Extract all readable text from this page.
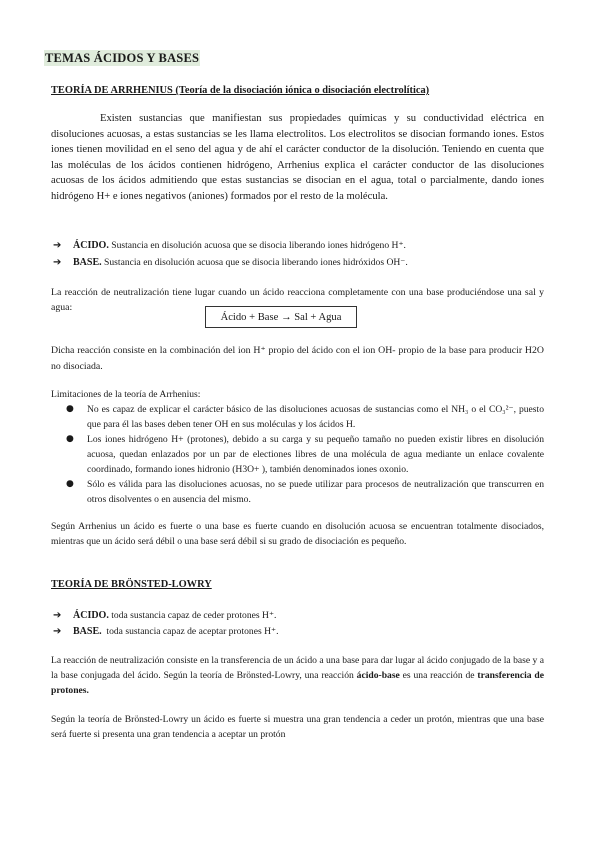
TEMAS ÁCIDOS Y BASES
TEORÍA DE ARRHENIUS (Teoría de la disociación iónica o disociación electrolítica)

Existen sustancias que manifiestan sus propiedades químicas y su conductividad eléctrica en disoluciones acuosas, a estas sustancias se les llama electrolitos. Los electrolitos se disocian formando iones. Estos iones tienen movilidad en el seno del agua y de ahí el carácter conductor de la disolución. Teniendo en cuenta que las moléculas de los ácidos contienen hidrógeno, Arrhenius explica el carácter conductor de las disoluciones acuosas de los ácidos admitiendo que estas sustancias se disocian en el agua, total o parcialmente, dando iones hidrógeno H+ e iones negativos (aniones) formados por el resto de la molécula.

➔ ÁCIDO. Sustancia en disolución acuosa que se disocia liberando iones hidrógeno H⁺.
➔ BASE. Sustancia en disolución acuosa que se disocia liberando iones hidróxidos OH⁻.

La reacción de neutralización tiene lugar cuando un ácido reacciona completamente con una base produciéndose una sal y agua:

Ácido + Base → Sal + Agua

Dicha reacción consiste en la combinación del ion H⁺ propio del ácido con el ion OH- propio de la base para producir H2O no disociada.

Limitaciones de la teoría de Arrhenius:

● No es capaz de explicar el carácter básico de las disoluciones acuosas de sustancias como el NH₃ o el CO₃²⁻, puesto que para él las bases deben tener OH en sus moléculas y los ácidos H.
● Los iones hidrógeno H+ (protones), debido a su carga y su pequeño tamaño no pueden existir libres en disolución acuosa, quedan enlazados por un par de electiones libres de una molécula de agua mediante un enlace covalente coordinado, formando iones hidronio (H3O+ ), también denominados iones oxonio.
● Sólo es válida para las disoluciones acuosas, no se puede utilizar para procesos de neutralización que transcurren en otros disolventes o en ausencia del mismo.

Según Arrhenius un ácido es fuerte o una base es fuerte cuando en disolución acuosa se encuentran totalmente disociados, mientras que un ácido será débil o una base será débil si su grado de disociación es pequeño.

TEORÍA DE BRÖNSTED-LOWRY
➔ ÁCIDO. toda sustancia capaz de ceder protones H⁺.
➔ BASE. toda sustancia capaz de aceptar protones H⁺.

La reacción de neutralización consiste en la transferencia de un ácido a una base para dar lugar al ácido conjugado de la base y a la base conjugada del ácido. Según la teoría de Brönsted-Lowry, una reacción ácido-base es una reacción de transferencia de protones.

Según la teoría de Brönsted-Lowry un ácido es fuerte si muestra una gran tendencia a ceder un protón, mientras que una base será fuerte si presenta una gran tendencia a aceptar un protón
